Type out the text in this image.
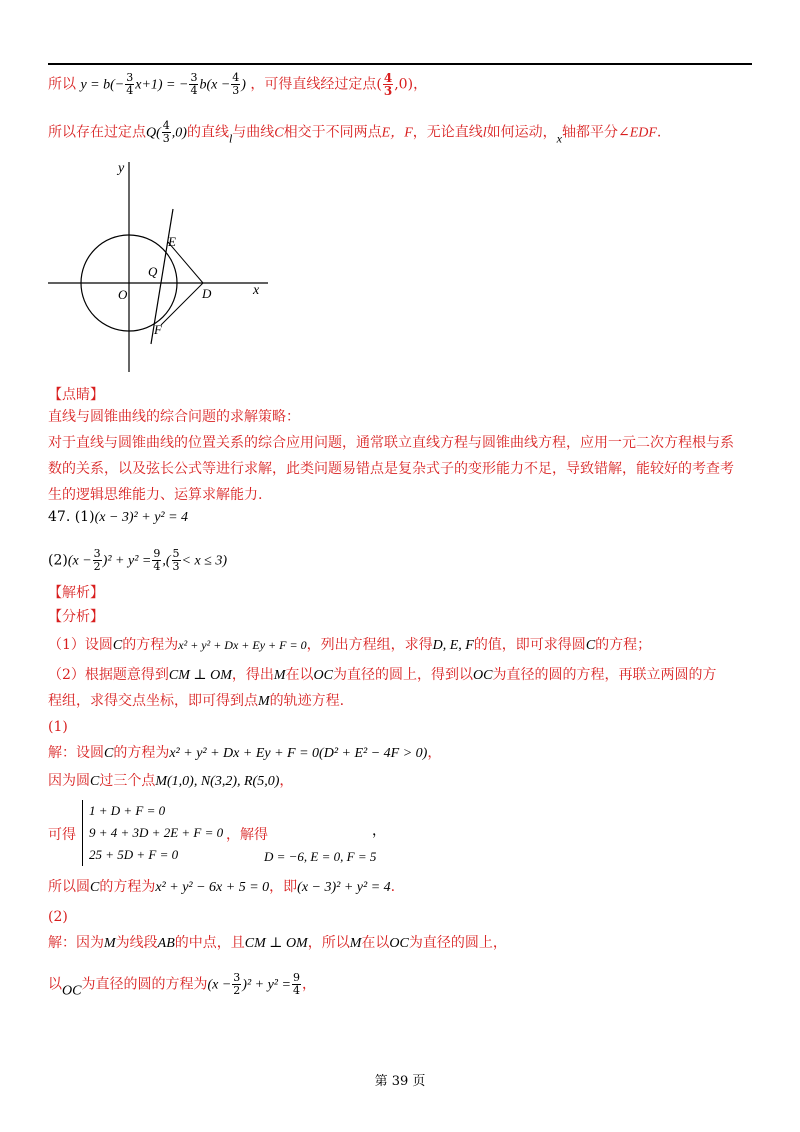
所以 $y = b(- \frac{3}{4} x+1)$ = − $\frac{3}{4} b(x - \frac{4}{3}$ ) ，可得直线经过定点( $\frac{4}{3} ,0$)，
所以存在过定点$Q( \frac{4}{3} ,0)$的直线l与曲线C相交于不同两点E，F，无论直线l如何运动，x轴都平分∠EDF.
y
x
O
E
Q
D
F
【点睛】
直线与圆锥曲线的综合问题的求解策略：
对于直线与圆锥曲线的位置关系的综合应用问题，通常联立直线方程与圆锥曲线方程，应用一元二次方程根与系
数的关系，以及弦长公式等进行求解，此类问题易错点是复杂式子的变形能力不足，导致错解，能较好的考查考
生的逻辑思维能力、运算求解能力.
47. (1)(x − 3)² + y² = 4
$(2)(x - \frac{3}{2} )^2 + y^2 = \frac{9}{4}$ ,( $\frac{5}{3} < x \le 3$)
【解析】
【分析】
（1）设圆C的方程为x² + y² + Dx + Ey + F = 0，列出方程组，求得D, E, F的值，即可求得圆C的方程；
（2）根据题意得到CM ⊥ OM，得出M在以OC为直径的圆上，得到以OC为直径的圆的方程，再联立两圆的方
程组，求得交点坐标，即可得到点M的轨迹方程.
(1)
解：设圆C的方程为x² + y² + Dx + Ey + F = 0(D² + E² − 4F > 0)，
因为圆C过三个点M(1,0), N(3,2), R(5,0)，
可得
1 + D + F = 0
9 + 4 + 3D + 2E + F = 0
25 + 5D + F = 0
，解得	，
D = −6, E = 0, F = 5
所以圆C的方程为x² + y² − 6x + 5 = 0，即(x − 3)² + y² = 4.
(2)
解：因为M为线段AB的中点，且CM ⊥ OM，所以M在以OC为直径的圆上，
以OC为直径的圆的方程为$(x - \frac{3}{2} )^2 + y^2 = \frac{9}{4}$ ，
第 39 页
